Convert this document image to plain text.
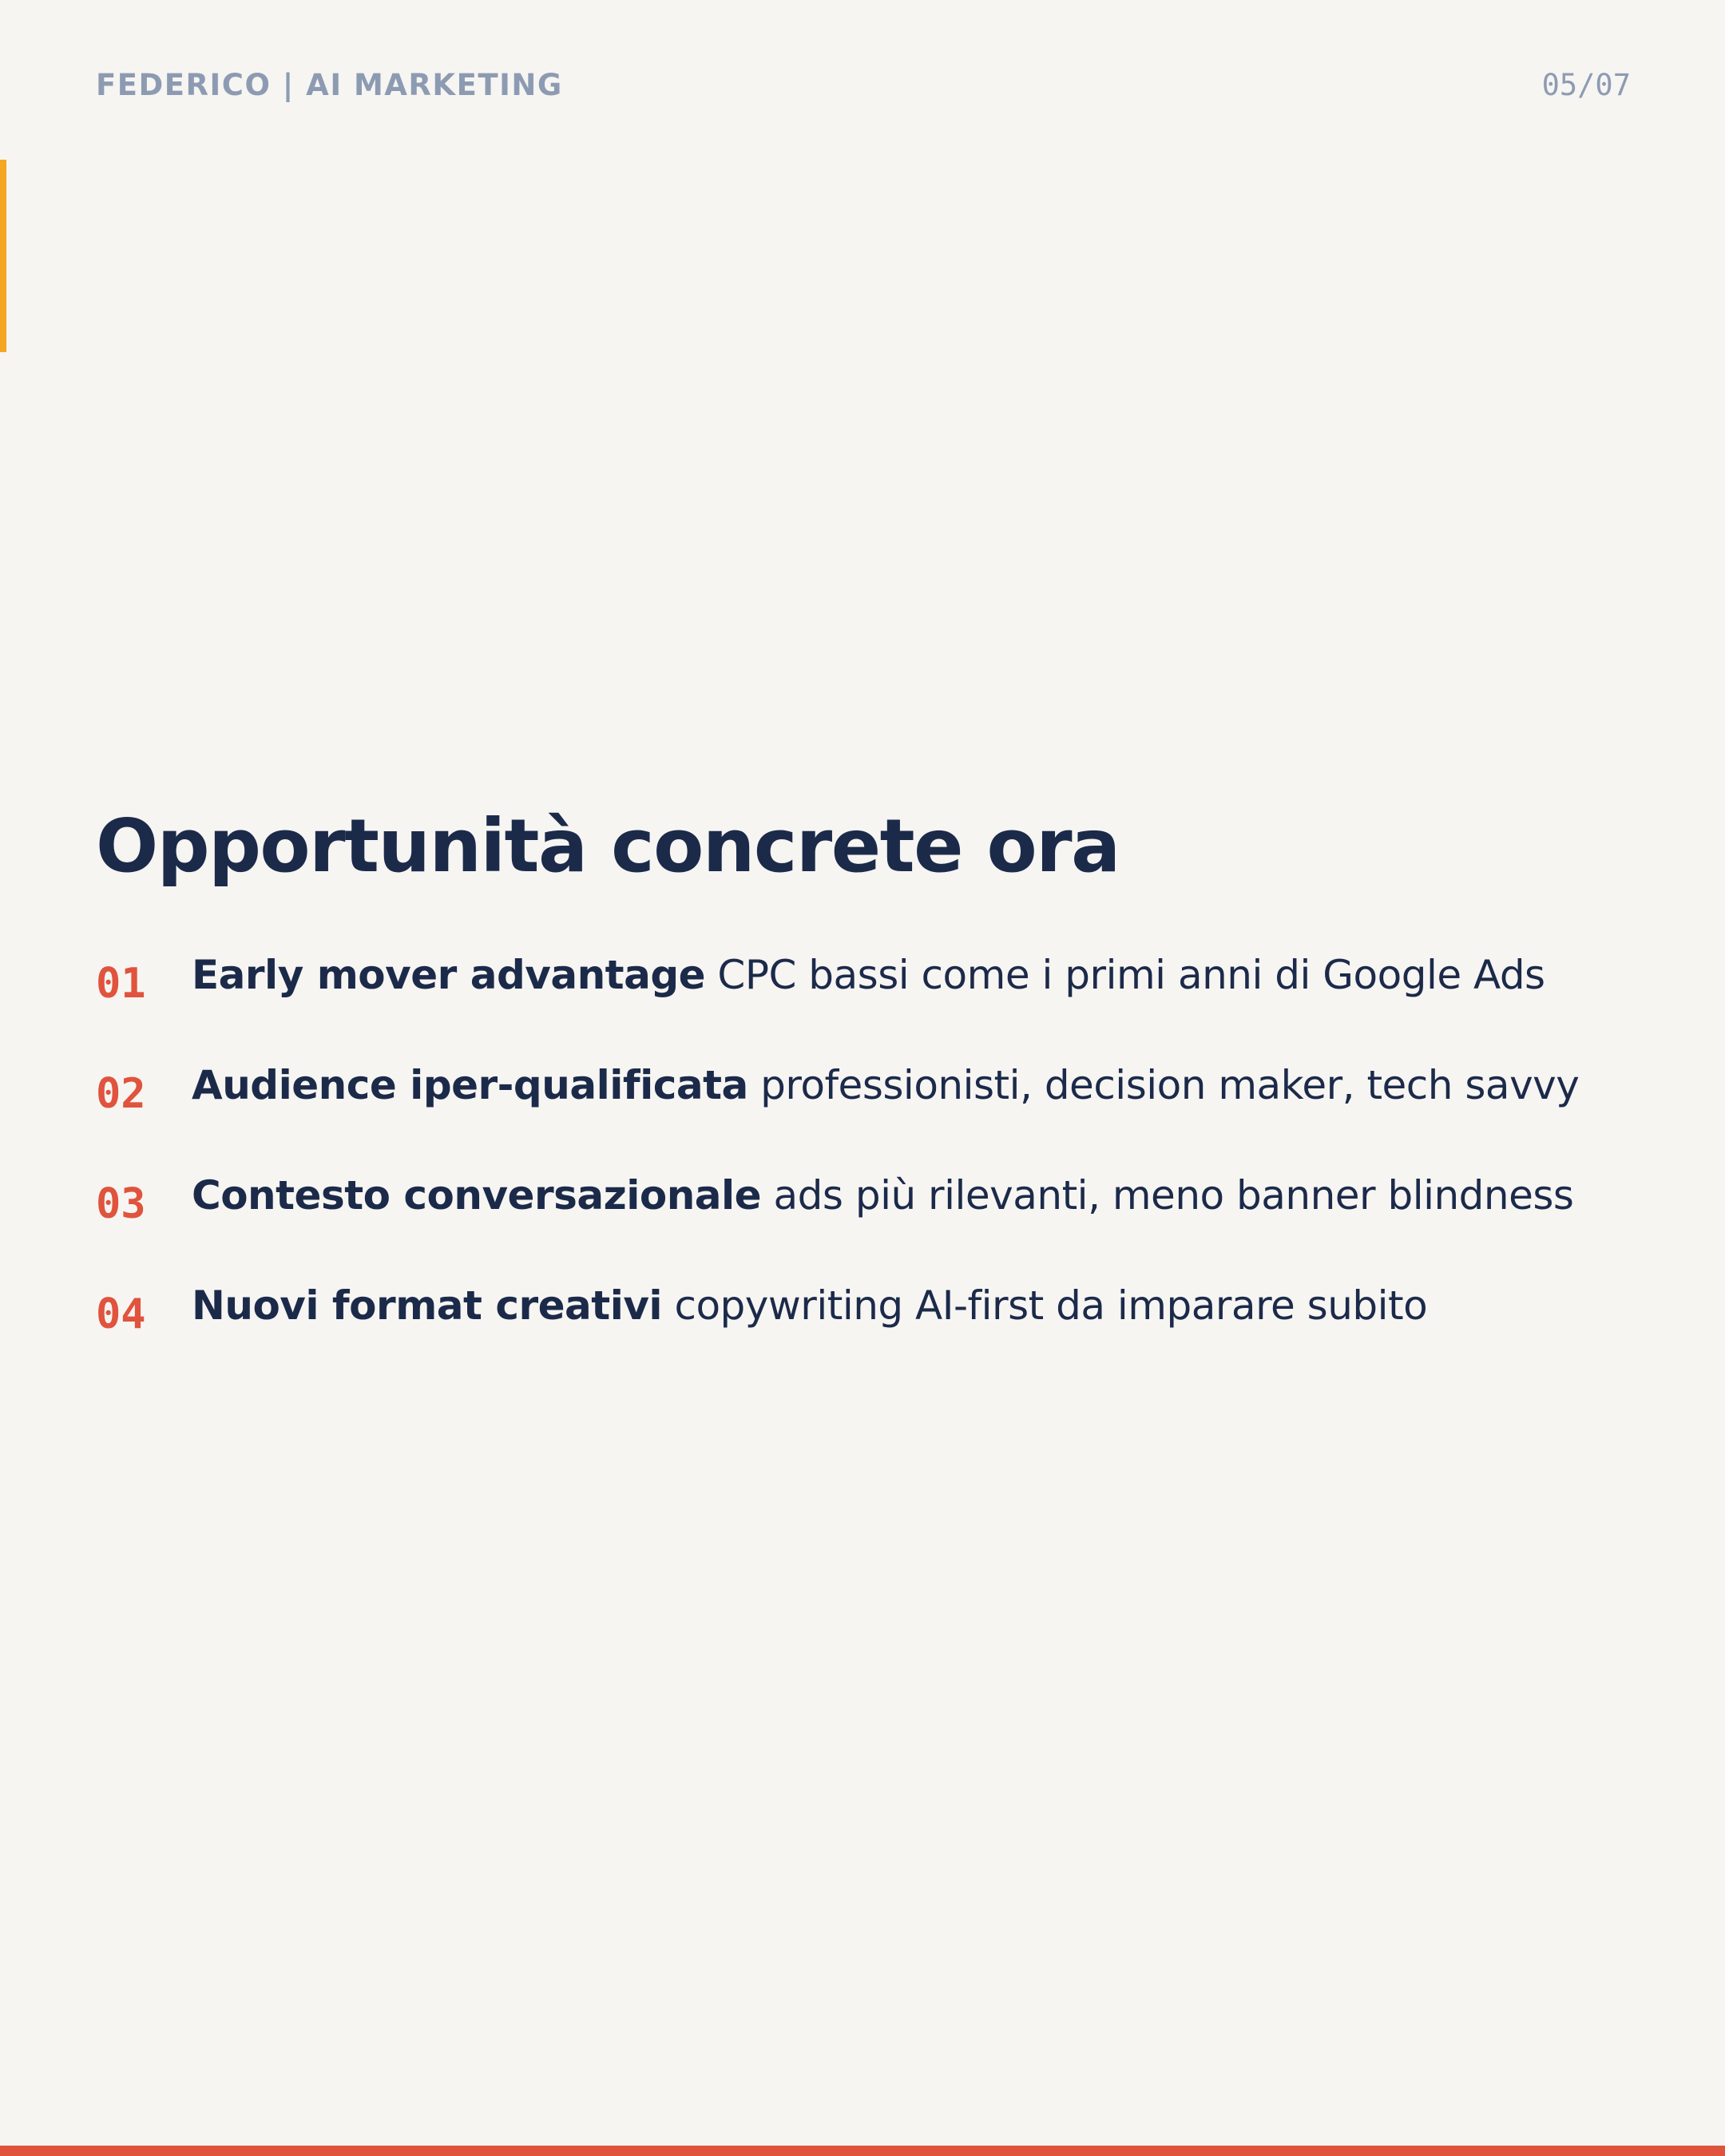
FEDERICO | AI MARKETING	05/07
Opportunità concrete ora
01 Early mover advantage CPC bassi come i primi anni di Google Ads
02 Audience iper-qualificata professionisti, decision maker, tech savvy
03 Contesto conversazionale ads più rilevanti, meno banner blindness
04 Nuovi format creativi copywriting AI-first da imparare subito
